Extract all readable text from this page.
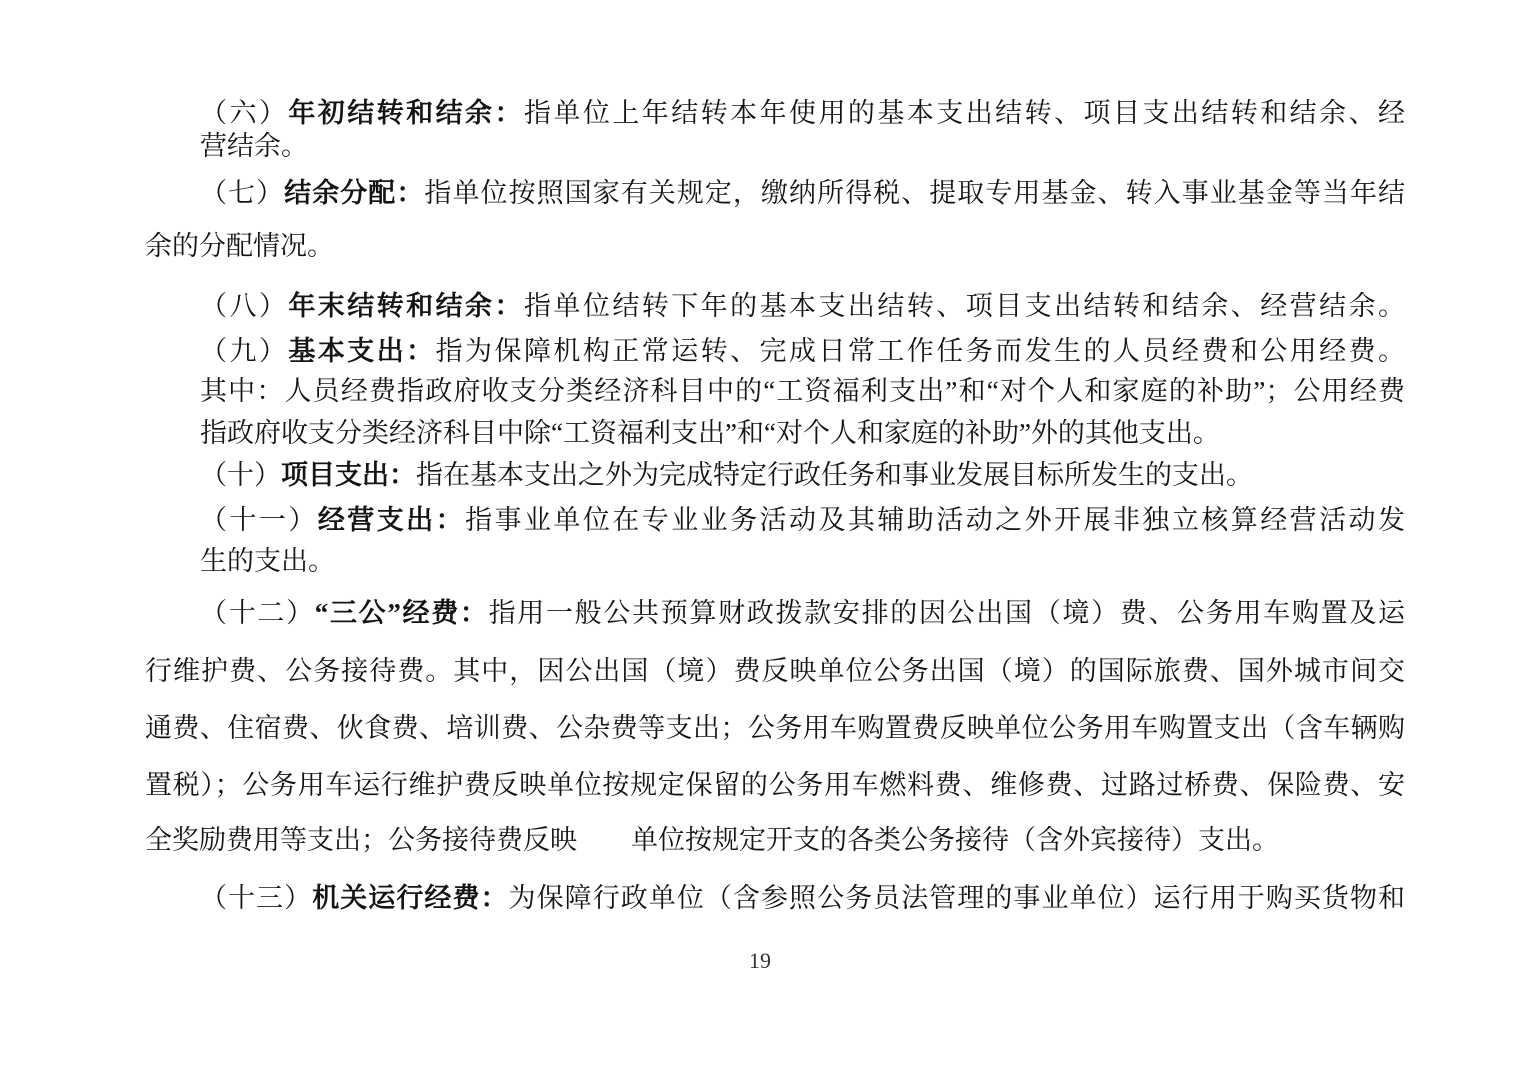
（六）年初结转和结余：指单位上年结转本年使用的基本支出结转、项目支出结转和结余、经
营结余。
（七）结余分配：指单位按照国家有关规定，缴纳所得税、提取专用基金、转入事业基金等当年结
余的分配情况。
（八）年末结转和结余：指单位结转下年的基本支出结转、项目支出结转和结余、经营结余。
（九）基本支出：指为保障机构正常运转、完成日常工作任务而发生的人员经费和公用经费。
其中：人员经费指政府收支分类经济科目中的“工资福利支出”和“对个人和家庭的补助”；公用经费
指政府收支分类经济科目中除“工资福利支出”和“对个人和家庭的补助”外的其他支出。
（十）项目支出：指在基本支出之外为完成特定行政任务和事业发展目标所发生的支出。
（十一）经营支出：指事业单位在专业业务活动及其辅助活动之外开展非独立核算经营活动发
生的支出。
（十二）“三公”经费：指用一般公共预算财政拨款安排的因公出国（境）费、公务用车购置及运
行维护费、公务接待费。其中，因公出国（境）费反映单位公务出国（境）的国际旅费、国外城市间交
通费、住宿费、伙食费、培训费、公杂费等支出；公务用车购置费反映单位公务用车购置支出（含车辆购
置税）；公务用车运行维护费反映单位按规定保留的公务用车燃料费、维修费、过路过桥费、保险费、安
全奖励费用等支出；公务接待费反映　　单位按规定开支的各类公务接待（含外宾接待）支出。
（十三）机关运行经费：为保障行政单位（含参照公务员法管理的事业单位）运行用于购买货物和
19
